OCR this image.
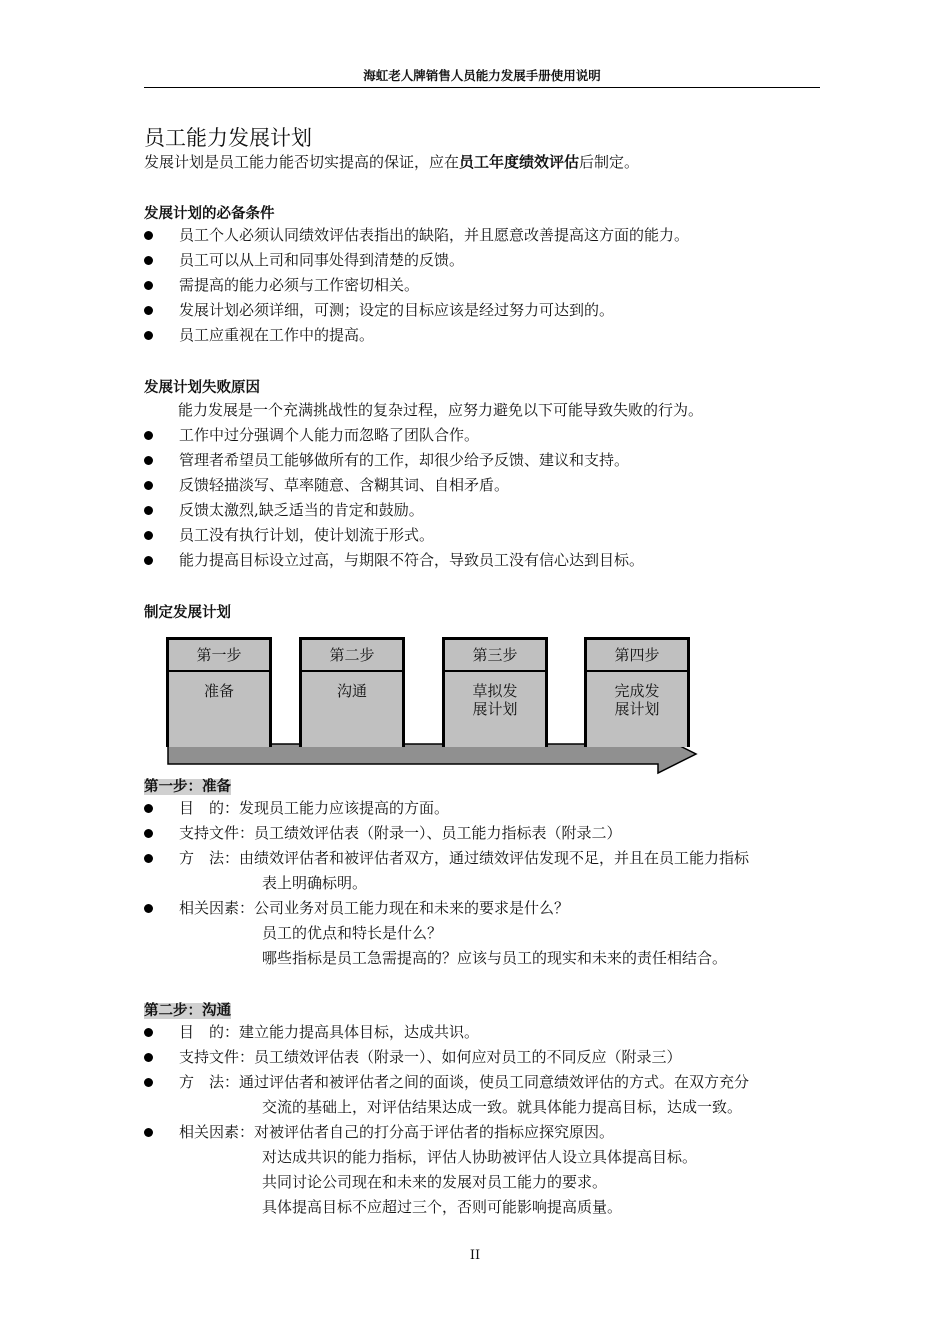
海虹老人牌销售人员能力发展手册使用说明
员工能力发展计划
发展计划是员工能力能否切实提高的保证，应在员工年度绩效评估后制定。
发展计划的必备条件
员工个人必须认同绩效评估表指出的缺陷，并且愿意改善提高这方面的能力。
员工可以从上司和同事处得到清楚的反馈。
需提高的能力必须与工作密切相关。
发展计划必须详细，可测；设定的目标应该是经过努力可达到的。
员工应重视在工作中的提高。
发展计划失败原因
能力发展是一个充满挑战性的复杂过程，应努力避免以下可能导致失败的行为。
工作中过分强调个人能力而忽略了团队合作。
管理者希望员工能够做所有的工作，却很少给予反馈、建议和支持。
反馈轻描淡写、草率随意、含糊其词、自相矛盾。
反馈太激烈,缺乏适当的肯定和鼓励。
员工没有执行计划，使计划流于形式。
能力提高目标设立过高，与期限不符合，导致员工没有信心达到目标。
制定发展计划
第一步
准备
第二步
沟通
第三步
草拟发
展计划
第四步
完成发
展计划
第一步：准备
目　的：发现员工能力应该提高的方面。
支持文件：员工绩效评估表（附录一）、员工能力指标表（附录二）
方　法：由绩效评估者和被评估者双方，通过绩效评估发现不足，并且在员工能力指标
表上明确标明。
相关因素：公司业务对员工能力现在和未来的要求是什么？
员工的优点和特长是什么？
哪些指标是员工急需提高的？应该与员工的现实和未来的责任相结合。
第二步：沟通
目　的：建立能力提高具体目标，达成共识。
支持文件：员工绩效评估表（附录一）、如何应对员工的不同反应（附录三）
方　法：通过评估者和被评估者之间的面谈，使员工同意绩效评估的方式。在双方充分
交流的基础上，对评估结果达成一致。就具体能力提高目标，达成一致。
相关因素：对被评估者自己的打分高于评估者的指标应探究原因。
对达成共识的能力指标，评估人协助被评估人设立具体提高目标。
共同讨论公司现在和未来的发展对员工能力的要求。
具体提高目标不应超过三个，否则可能影响提高质量。
II
